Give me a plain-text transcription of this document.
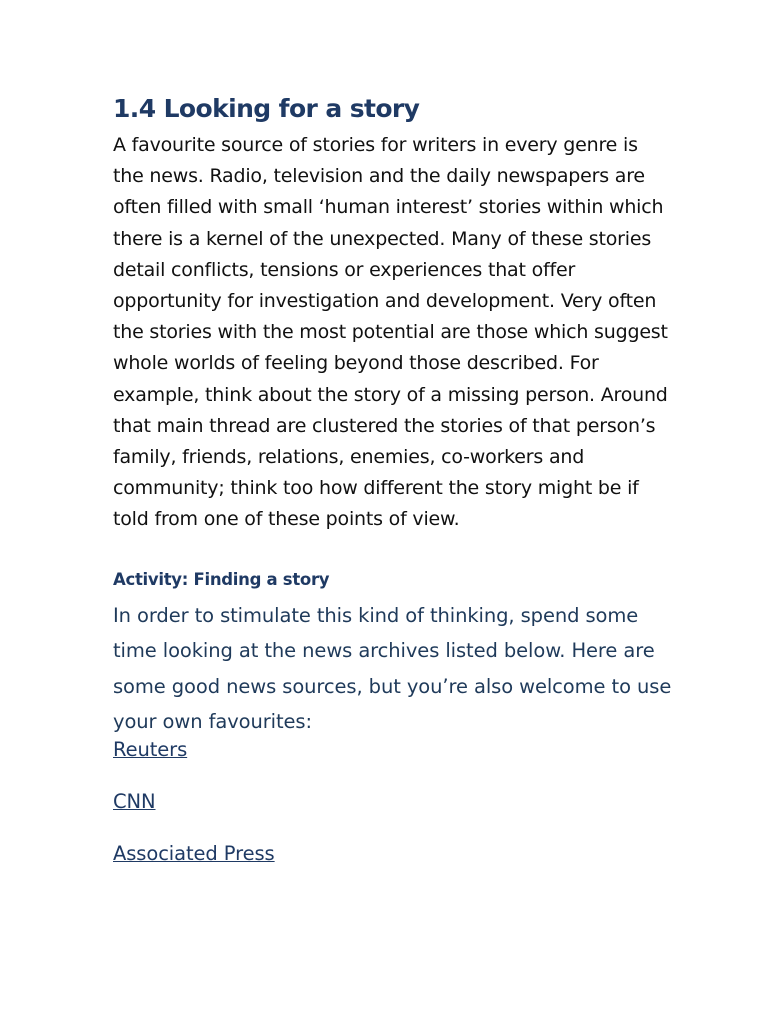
1.4 Looking for a story

A favourite source of stories for writers in every genre is the news. Radio, television and the daily newspapers are often filled with small ‘human interest’ stories within which there is a kernel of the unexpected. Many of these stories detail conflicts, tensions or experiences that offer opportunity for investigation and development. Very often the stories with the most potential are those which suggest whole worlds of feeling beyond those described. For example, think about the story of a missing person. Around that main thread are clustered the stories of that person’s family, friends, relations, enemies, co-workers and community; think too how different the story might be if told from one of these points of view.

Activity: Finding a story

In order to stimulate this kind of thinking, spend some time looking at the news archives listed below. Here are some good news sources, but you’re also welcome to use your own favourites:

Reuters
CNN
Associated Press
